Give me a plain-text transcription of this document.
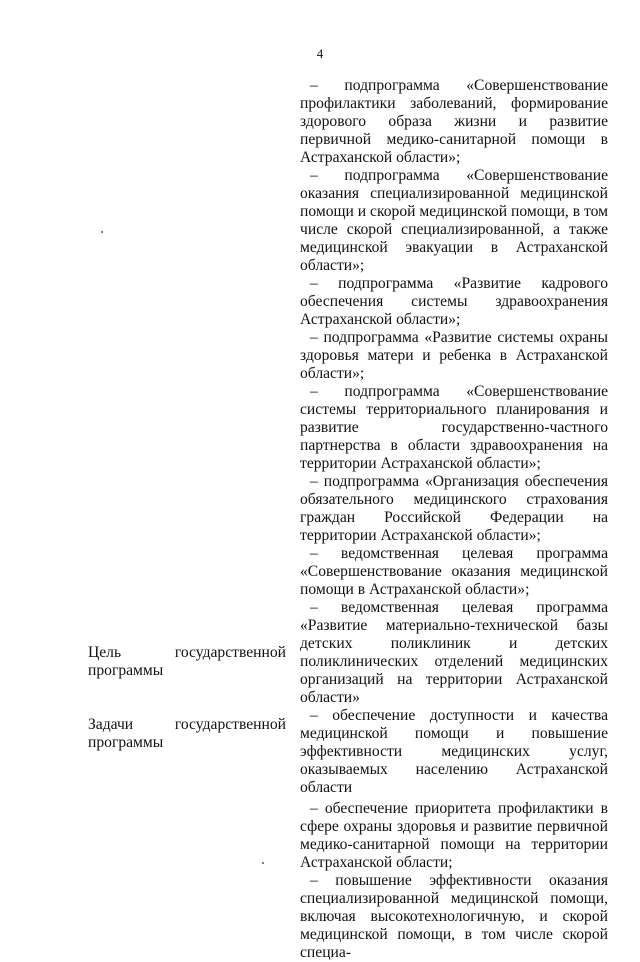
4
– подпрограмма «Совершенствование профилактики заболеваний, формирование здорового образа жизни и развитие первичной медико-санитарной помощи в Астраханской области»;
– подпрограмма «Совершенствование оказания специализированной медицинской помощи и скорой медицинской помощи, в том числе скорой специализированной, а также медицинской эвакуации в Астраханской области»;
– подпрограмма «Развитие кадрового обеспечения системы здравоохранения Астраханской области»;
– подпрограмма «Развитие системы охраны здоровья матери и ребенка в Астраханской области»;
– подпрограмма «Совершенствование системы территориального планирования и развитие государственно-частного партнерства в области здравоохранения на территории Астраханской области»;
– подпрограмма «Организация обеспечения обязательного медицинского страхования граждан Российской Федерации на территории Астраханской области»;
– ведомственная целевая программа «Совершенствование оказания медицинской помощи в Астраханской области»;
– ведомственная целевая программа «Развитие материально-технической базы детских поликлиник и детских поликлинических отделений медицинских организаций на территории Астраханской области»
– обеспечение доступности и качества медицинской помощи и повышение эффективности медицинских услуг, оказываемых населению Астраханской области
– обеспечение приоритета профилактики в сфере охраны здоровья и развитие первичной медико-санитарной помощи на территории Астраханской области;
– повышение эффективности оказания специализированной медицинской помощи, включая высокотехнологичную, и скорой медицинской помощи, в том числе скорой специа-
Цель государственной программы
Задачи государственной программы
